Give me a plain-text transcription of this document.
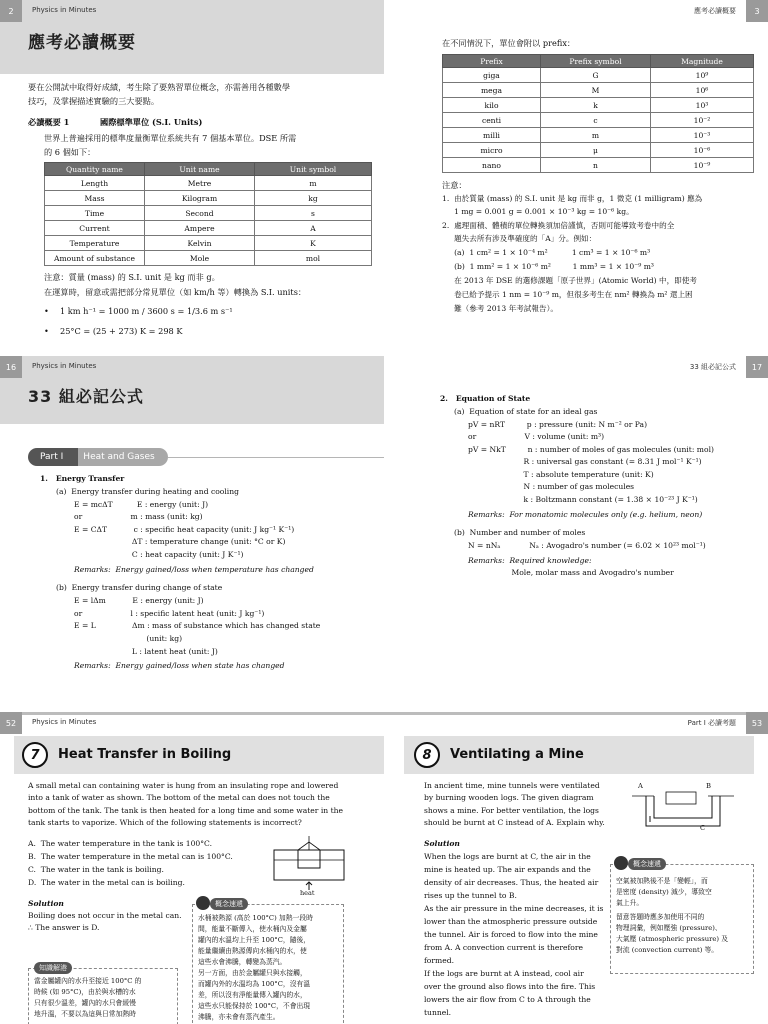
2	Physics in Minutes
應考必讀概要
要在公開試中取得好成績，考生除了要熟習單位概念，亦需善用各種數學
技巧，及掌握描述實驗的三大要點。
必讀概要 1	國際標準單位 (S.I. Units)
世界上普遍採用的標準度量衡單位系統共有 7 個基本單位。DSE 所需
的 6 個如下：
Quantity name	Unit name	Unit symbol
Length	Metre	m
Mass	Kilogram	kg
Time	Second	s
Current	Ampere	A
Temperature	Kelvin	K
Amount of substance	Mole	mol
注意：質量 (mass) 的 S.I. unit 是 kg 而非 g。
在運算時，留意或需把部分常見單位（如 km/h 等）轉換為 S.I. units：
• 1 km h⁻¹ = 1000 m / 3600 s = 1/3.6 m s⁻¹
• 25°C = (25 + 273) K = 298 K
3
應考必讀概要
在不同情況下，單位會附以 prefix：
Prefix	Prefix symbol	Magnitude
giga	G	10⁹
mega	M	10⁶
kilo	k	10³
centi	c	10⁻²
milli	m	10⁻³
micro	μ	10⁻⁶
nano	n	10⁻⁹
注意：
1.  由於質量 (mass) 的 S.I. unit 是 kg 而非 g，1 微克 (1 milligram) 應為
1 mg = 0.001 g = 0.001 × 10⁻³ kg = 10⁻⁶ kg。
2.  處理面積、體積的單位轉換須加倍謹慎，否則可能導致考卷中的全
題失去所有涉及準確度的「A」分。例如：
(a)  1 cm² = 1 × 10⁻⁴ m²          1 cm³ = 1 × 10⁻⁶ m³
(b)  1 mm² = 1 × 10⁻⁶ m²         1 mm³ = 1 × 10⁻⁹ m³
在 2013 年 DSE 的選修課題「原子世界」(Atomic World) 中，即使考
卷已給予提示 1 nm = 10⁻⁹ m，但很多考生在 nm² 轉換為 m² 還上困
難（參考 2013 年考試報告）。
16	Physics in Minutes
33 組必記公式
Part I Heat and Gases
1.   Energy Transfer
(a)  Energy transfer during heating and cooling
E = mcΔT          E : energy (unit: J)
or                    m : mass (unit: kg)
E = CΔT           c : specific heat capacity (unit: J kg⁻¹ K⁻¹)
ΔT : temperature change (unit: °C or K)
C : heat capacity (unit: J K⁻¹)
Remarks:  Energy gained/loss when temperature has changed
(b)  Energy transfer during change of state
E = lΔm           E : energy (unit: J)
or                    l : specific latent heat (unit: J kg⁻¹)
E = L               Δm : mass of substance which has changed state
(unit: kg)
L : latent heat (unit: J)
Remarks:  Energy gained/loss when state has changed
17
33 組必記公式
2.   Equation of State
(a)  Equation of state for an ideal gas
pV = nRT         p : pressure (unit: N m⁻² or Pa)
or                    V : volume (unit: m³)
pV = NkT         n : number of moles of gas molecules (unit: mol)
R : universal gas constant (= 8.31 J mol⁻¹ K⁻¹)
T : absolute temperature (unit: K)
N : number of gas molecules
k : Boltzmann constant (= 1.38 × 10⁻²³ J K⁻¹)
Remarks:  For monatomic molecules only (e.g. helium, neon)
(b)  Number and number of moles
N = nNₐ            Nₐ : Avogadro's number (= 6.02 × 10²³ mol⁻¹)
Remarks:  Required knowledge:
Mole, molar mass and Avogadro's number
52	Physics in Minutes
7	Heat Transfer in Boiling
A small metal can containing water is hung from an insulating rope and lowered
into a tank of water as shown. The bottom of the metal can does not touch the
bottom of the tank. The tank is then heated for a long time and some water in the
tank starts to vaporize. Which of the following statements is incorrect?
A.  The water temperature in the tank is 100°C.
B.  The water temperature in the metal can is 100°C.
C.  The water in the tank is boiling.
D.  The water in the metal can is boiling.
heat
Solution
Boiling does not occur in the metal can.
∴ The answer is D.
概念速遞
水桶被熱源 (高於 100°C) 加熱一段時
間，能量不斷傳入，使水桶內及金屬
罐內的水溫均上升至 100°C，隨後，
能量繼續由熱源傳向水桶內的水，使
這些水會沸騰，轉變為蒸汽。
另一方面，由於金屬罐只與水接觸，
而罐內外的水溫均為 100°C，沒有溫
差，所以沒有淨能量傳入罐內的水，
這些水只能保持於 100°C，不會出現
沸騰，亦未會有蒸汽產生。
知識解港
當金屬罐內的水升至接近 100°C 的
時候 (如 95°C)，由於與水槽的水
只有很少溫差，罐內的水只會緩慢
地升溫，不要以為這與日常加熱時
53
Part I 必讀考題
8	Ventilating a Mine
In ancient time, mine tunnels were ventilated
by burning wooden logs. The given diagram
shows a mine. For better ventilation, the logs
should be burnt at C instead of A. Explain why.
A	B
C
Solution
When the logs are burnt at C, the air in the
mine is heated up. The air expands and the
density of air decreases. Thus, the heated air
rises up the tunnel to B.
As the air pressure in the mine decreases, it is
lower than the atmospheric pressure outside
the tunnel. Air is forced to flow into the mine
from A. A convection current is therefore
formed.
If the logs are burnt at A instead, cool air
over the ground also flows into the fire. This
lowers the air flow from C to A through the
tunnel.
概念速遞
空氣被加熱後不是「變輕」，而
是密度 (density) 減少，導致空
氣上升。
留意答題時應多加使用不同的
物理詞彙，例如壓強 (pressure)、
大氣壓 (atmospheric pressure) 及
對流 (convection current) 等。
